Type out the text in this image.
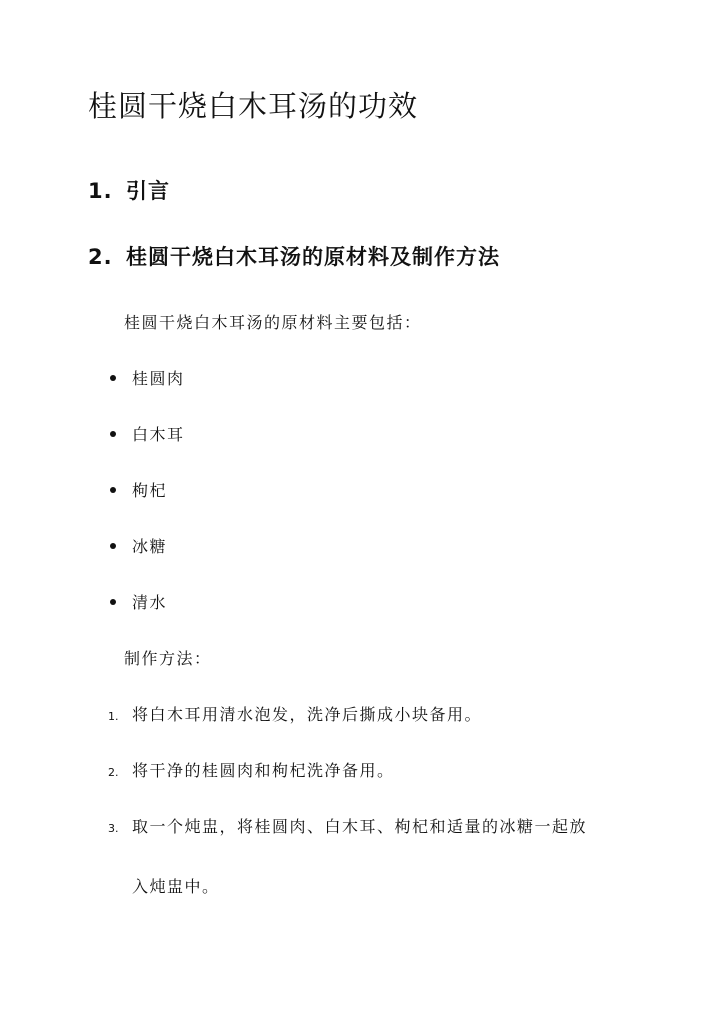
桂圆干烧白木耳汤的功效
1. 引言
2. 桂圆干烧白木耳汤的原材料及制作方法

桂圆干烧白木耳汤的原材料主要包括：

桂圆肉
白木耳
枸杞
冰糖
清水

制作方法：

1. 将白木耳用清水泡发，洗净后撕成小块备用。
2. 将干净的桂圆肉和枸杞洗净备用。
3. 取一个炖盅，将桂圆肉、白木耳、枸杞和适量的冰糖一起放
入炖盅中。
